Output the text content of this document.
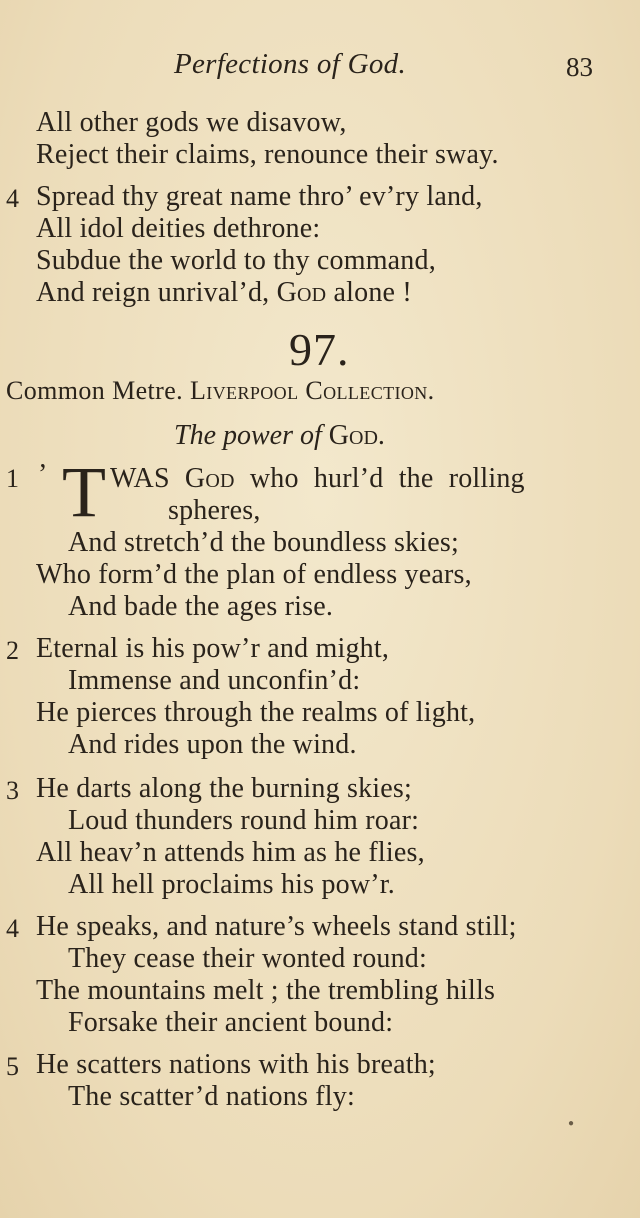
Perfections of God.	83
All other gods we disavow,
Reject their claims, renounce their sway.
4 Spread thy great name thro’ ev’ry land,
All idol deities dethrone:
Subdue the world to thy command,
And reign unrival’d, God alone !
97.
Common Metre. Liverpool Collection.
The power of God.
1 ’ T WAS God who hurl’d the rolling
spheres,
And stretch’d the boundless skies;
Who form’d the plan of endless years,
And bade the ages rise.
2 Eternal is his pow’r and might,
Immense and unconfin’d:
He pierces through the realms of light,
And rides upon the wind.
3 He darts along the burning skies;
Loud thunders round him roar:
All heav’n attends him as he flies,
All hell proclaims his pow’r.
4 He speaks, and nature’s wheels stand still;
They cease their wonted round:
The mountains melt ; the trembling hills
Forsake their ancient bound:
5 He scatters nations with his breath;
The scatter’d nations fly:
●
